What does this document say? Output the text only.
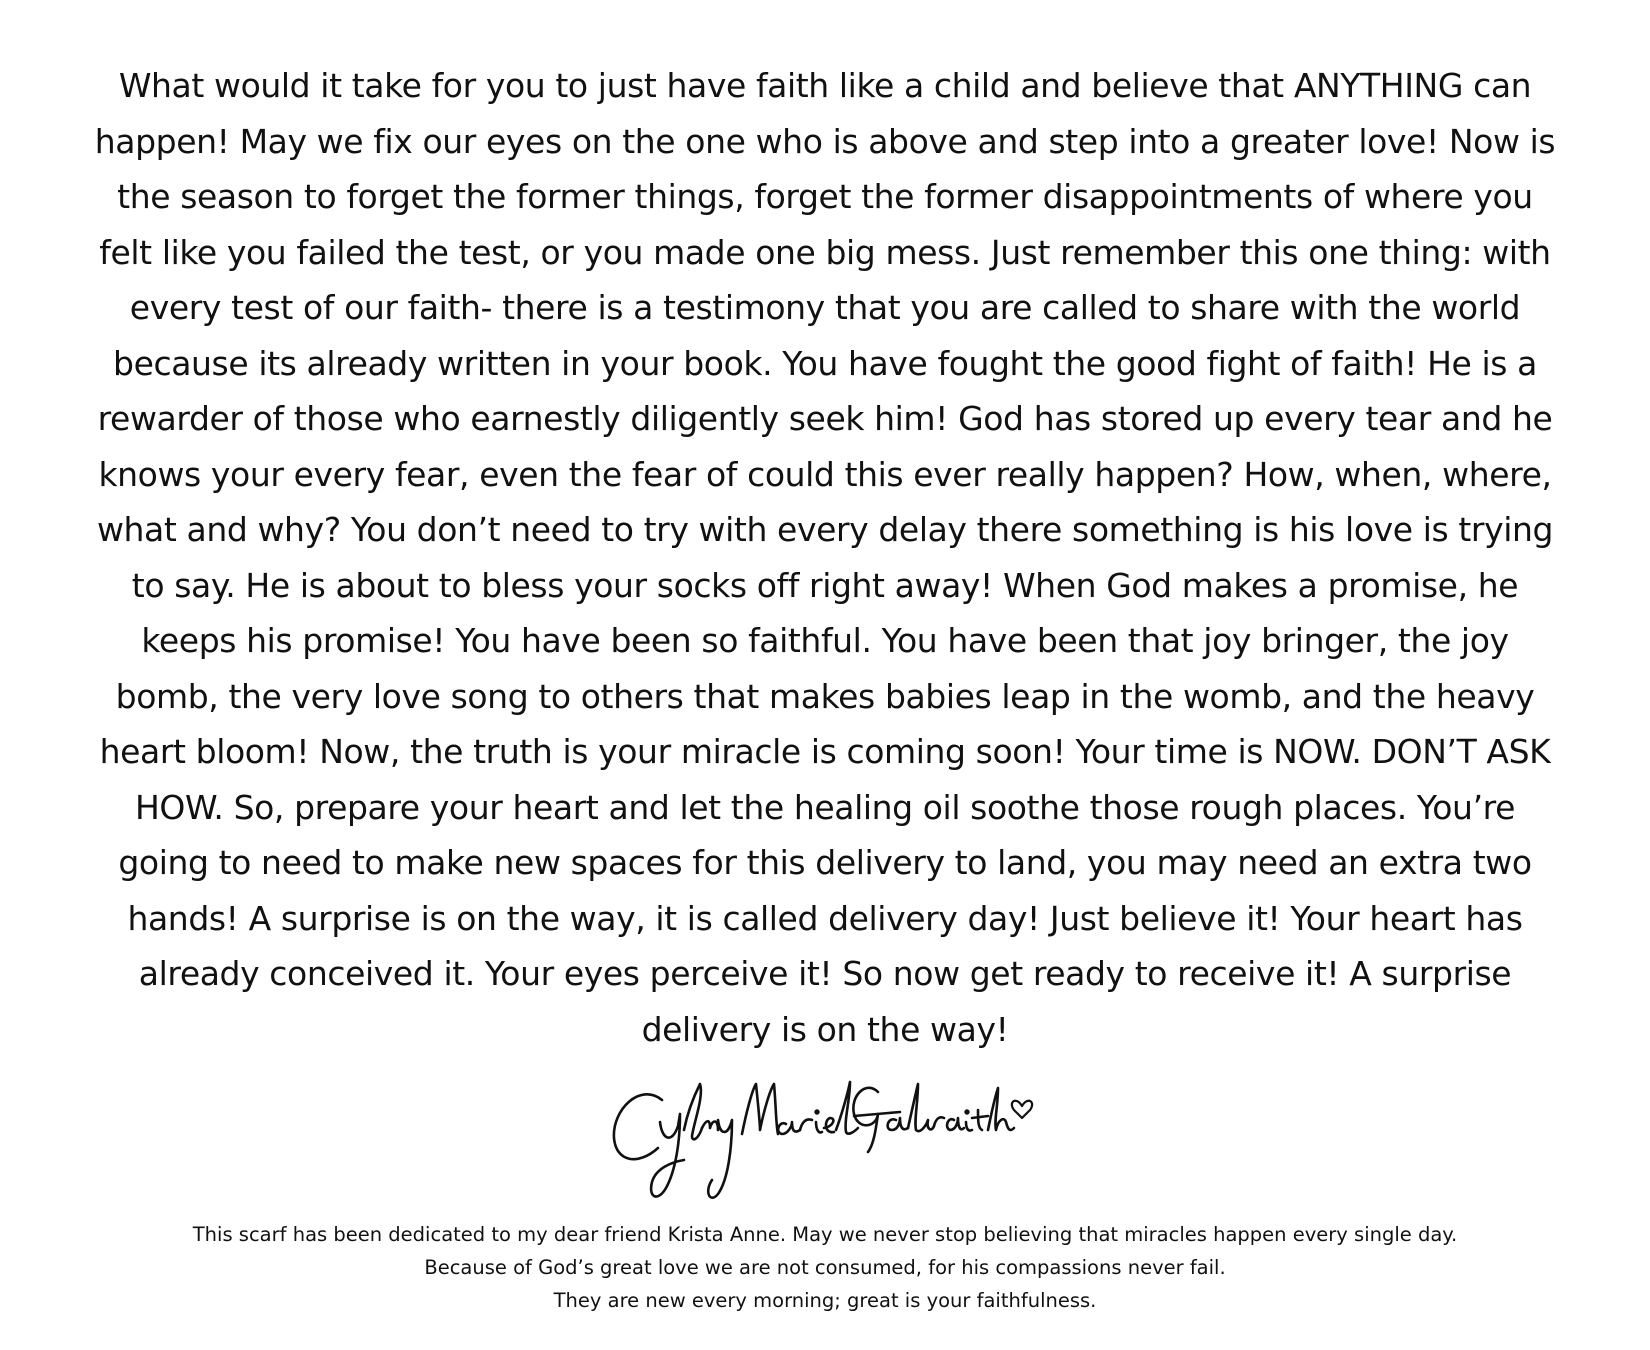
What would it take for you to just have faith like a child and believe that ANYTHING can
happen! May we fix our eyes on the one who is above and step into a greater love! Now is
the season to forget the former things, forget the former disappointments of where you
felt like you failed the test, or you made one big mess. Just remember this one thing: with
every test of our faith- there is a testimony that you are called to share with the world
because its already written in your book. You have fought the good fight of faith! He is a
rewarder of those who earnestly diligently seek him! God has stored up every tear and he
knows your every fear, even the fear of could this ever really happen? How, when, where,
what and why? You don’t need to try with every delay there something is his love is trying
to say. He is about to bless your socks off right away! When God makes a promise, he
keeps his promise! You have been so faithful. You have been that joy bringer, the joy
bomb, the very love song to others that makes babies leap in the womb, and the heavy
heart bloom! Now, the truth is your miracle is coming soon! Your time is NOW. DON’T ASK
HOW. So, prepare your heart and let the healing oil soothe those rough places. You’re
going to need to make new spaces for this delivery to land, you may need an extra two
hands! A surprise is on the way, it is called delivery day! Just believe it! Your heart has
already conceived it. Your eyes perceive it! So now get ready to receive it! A surprise
delivery is on the way!

This scarf has been dedicated to my dear friend Krista Anne. May we never stop believing that miracles happen every single day.
Because of God’s great love we are not consumed, for his compassions never fail.
They are new every morning; great is your faithfulness.
